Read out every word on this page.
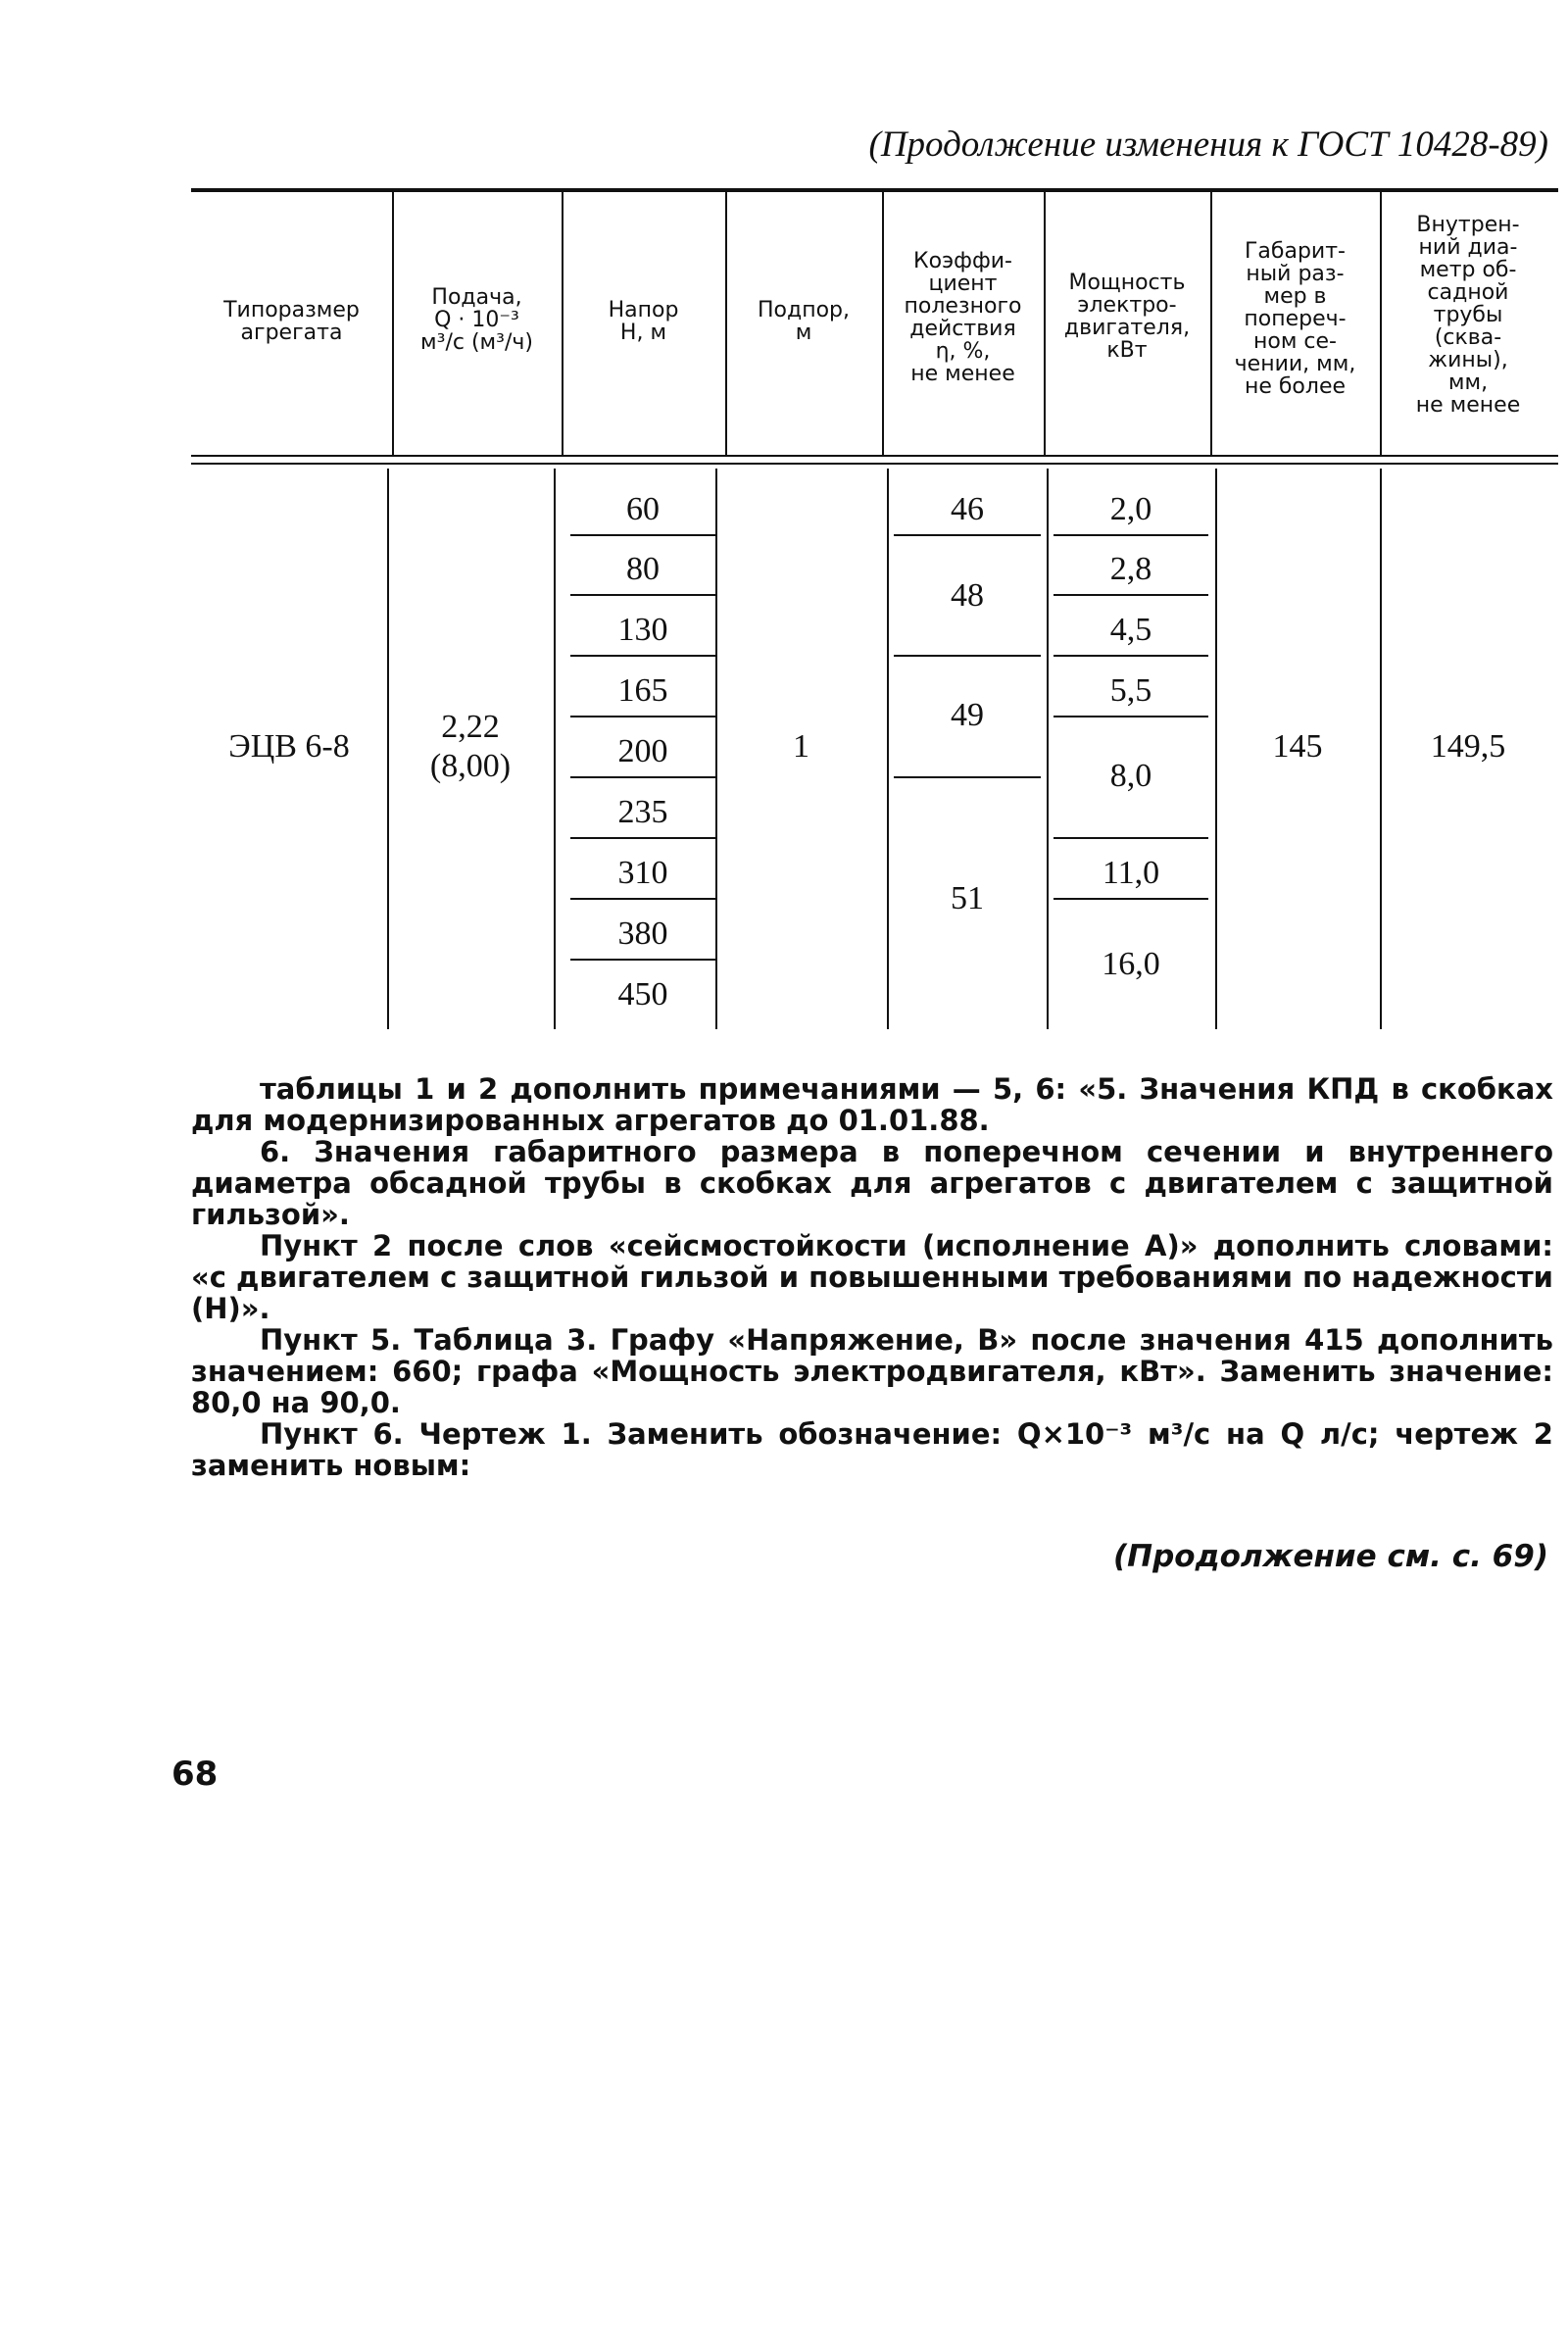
(Продолжение изменения к ГОСТ 10428-89)
Типоразмер
агрегата
Подача,
Q · 10⁻³
м³/с (м³/ч)
Напор
H, м
Подпор,
м
Коэффи-
циент
полезного
действия
η, %,
не менее
Мощность
электро-
двигателя,
кВт
Габарит-
ный раз-
мер в
попереч-
ном се-
чении, мм,
не более
Внутрен-
ний диа-
метр об-
садной
трубы
(сква-
жины),
мм,
не менее
ЭЦВ 6-8
2,22
(8,00)
60
80
130
165
200
235
310
380
450
1
46
48
49
51
2,0
2,8
4,5
5,5
8,0
11,0
16,0
145	149,5

таблицы 1 и 2 дополнить примечаниями — 5, 6: «5. Значения КПД в скобках для модернизированных агрегатов до 01.01.88.

6. Значения габаритного размера в поперечном сечении и внутреннего диаметра обсадной трубы в скобках для агрегатов с двигателем с защитной гильзой».

Пункт 2 после слов «сейсмостойкости (исполнение А)» дополнить словами: «с двигателем с защитной гильзой и повышенными требованиями по надежности (Н)».

Пункт 5. Таблица 3. Графу «Напряжение, В» после значения 415 дополнить значением: 660; графа «Мощность электродвигателя, кВт». Заменить значение: 80,0 на 90,0.

Пункт 6. Чертеж 1. Заменить обозначение: Q×10⁻³ м³/с на Q л/с; чертеж 2 заменить новым:

(Продолжение см. с. 69)
68
